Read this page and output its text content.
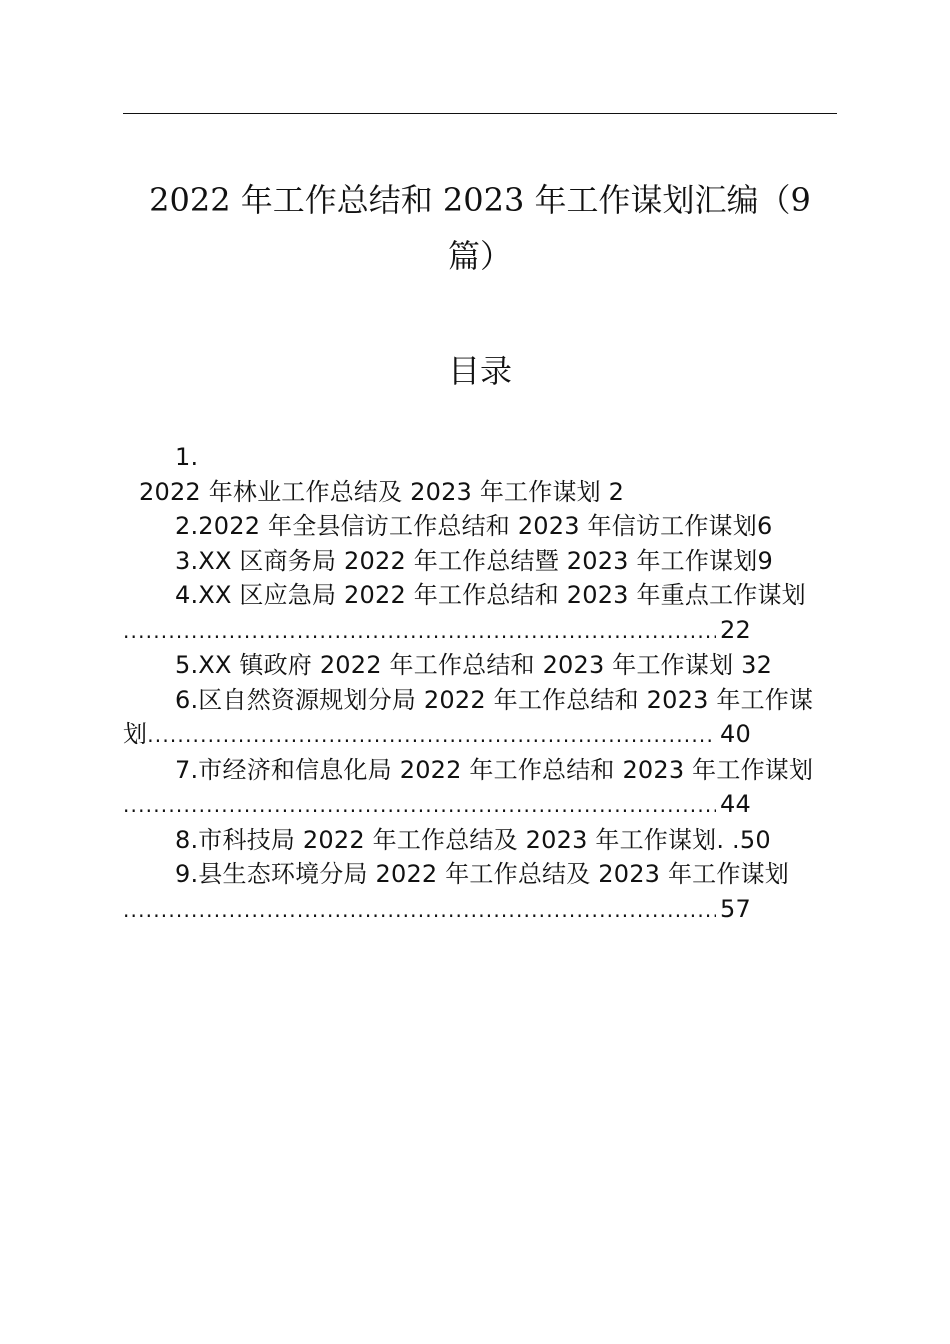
2022 年工作总结和 2023 年工作谋划汇编（9
篇）
目录
1.
2022 年林业工作总结及 2023 年工作谋划 2
2.2022 年全县信访工作总结和 2023 年信访工作谋划6
3.XX 区商务局 2022 年工作总结暨 2023 年工作谋划9
4.XX 区应急局 2022 年工作总结和 2023 年重点工作谋划
.....
22
5.XX 镇政府 2022 年工作总结和 2023 年工作谋划 32
6.区自然资源规划分局 2022 年工作总结和 2023 年工作谋
划
.....	40
7.市经济和信息化局 2022 年工作总结和 2023 年工作谋划
.....
44
8.市科技局 2022 年工作总结及 2023 年工作谋划. .50
9.县生态环境分局 2022 年工作总结及 2023 年工作谋划
.....
57
